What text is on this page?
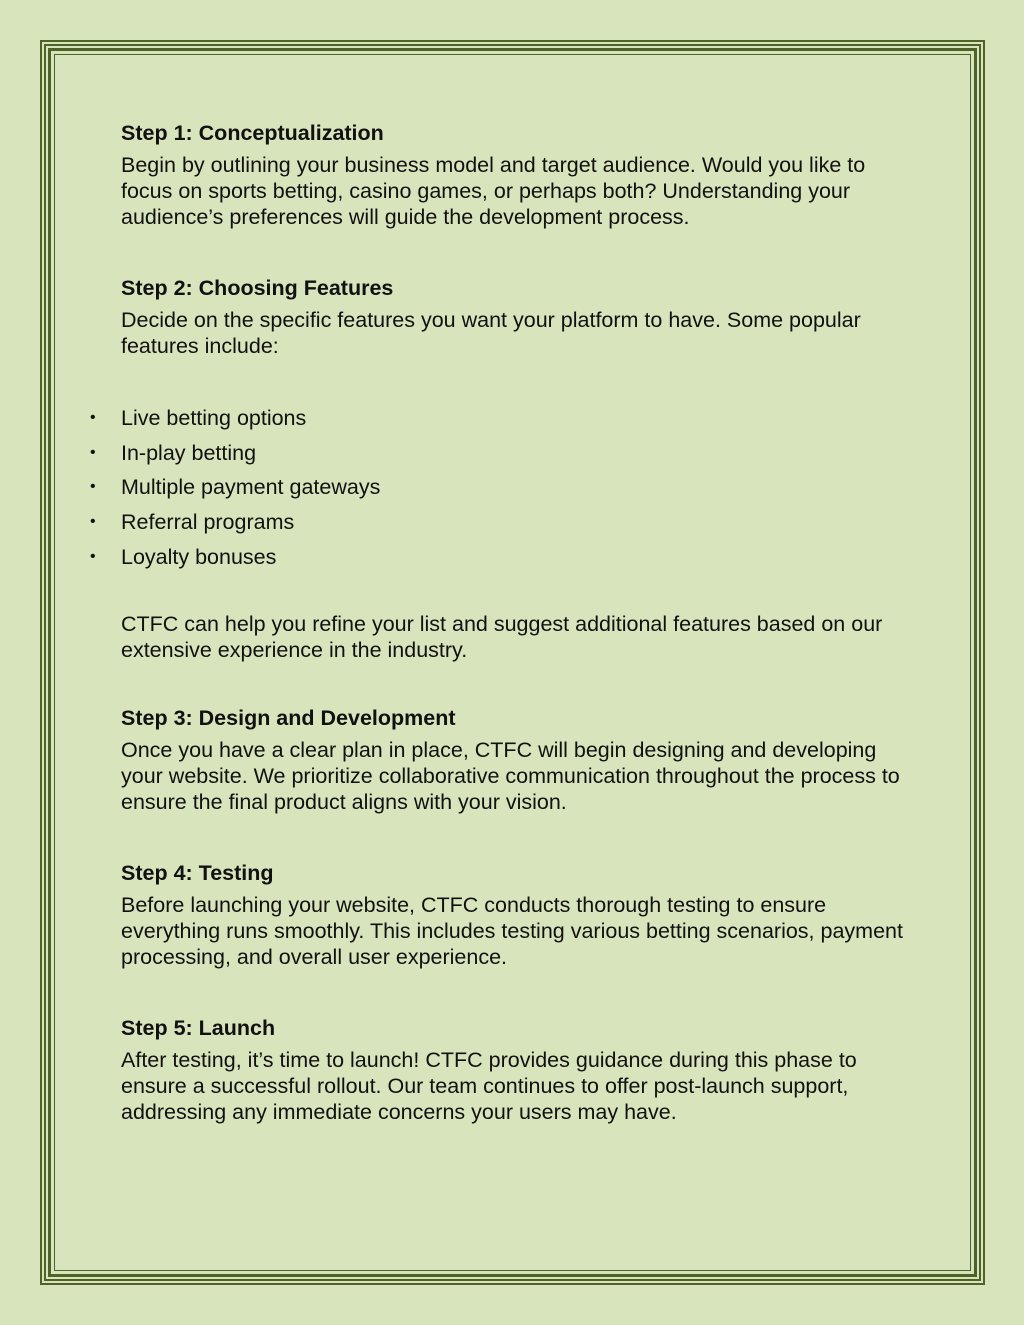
Step 1: Conceptualization

Begin by outlining your business model and target audience. Would you like to focus on sports betting, casino games, or perhaps both? Understanding your audience’s preferences will guide the development process.

Step 2: Choosing Features

Decide on the specific features you want your platform to have. Some popular features include:

• Live betting options
• In-play betting
• Multiple payment gateways
• Referral programs
• Loyalty bonuses

CTFC can help you refine your list and suggest additional features based on our extensive experience in the industry.

Step 3: Design and Development

Once you have a clear plan in place, CTFC will begin designing and developing your website. We prioritize collaborative communication throughout the process to ensure the final product aligns with your vision.

Step 4: Testing

Before launching your website, CTFC conducts thorough testing to ensure everything runs smoothly. This includes testing various betting scenarios, payment processing, and overall user experience.

Step 5: Launch

After testing, it’s time to launch! CTFC provides guidance during this phase to ensure a successful rollout. Our team continues to offer post-launch support, addressing any immediate concerns your users may have.
